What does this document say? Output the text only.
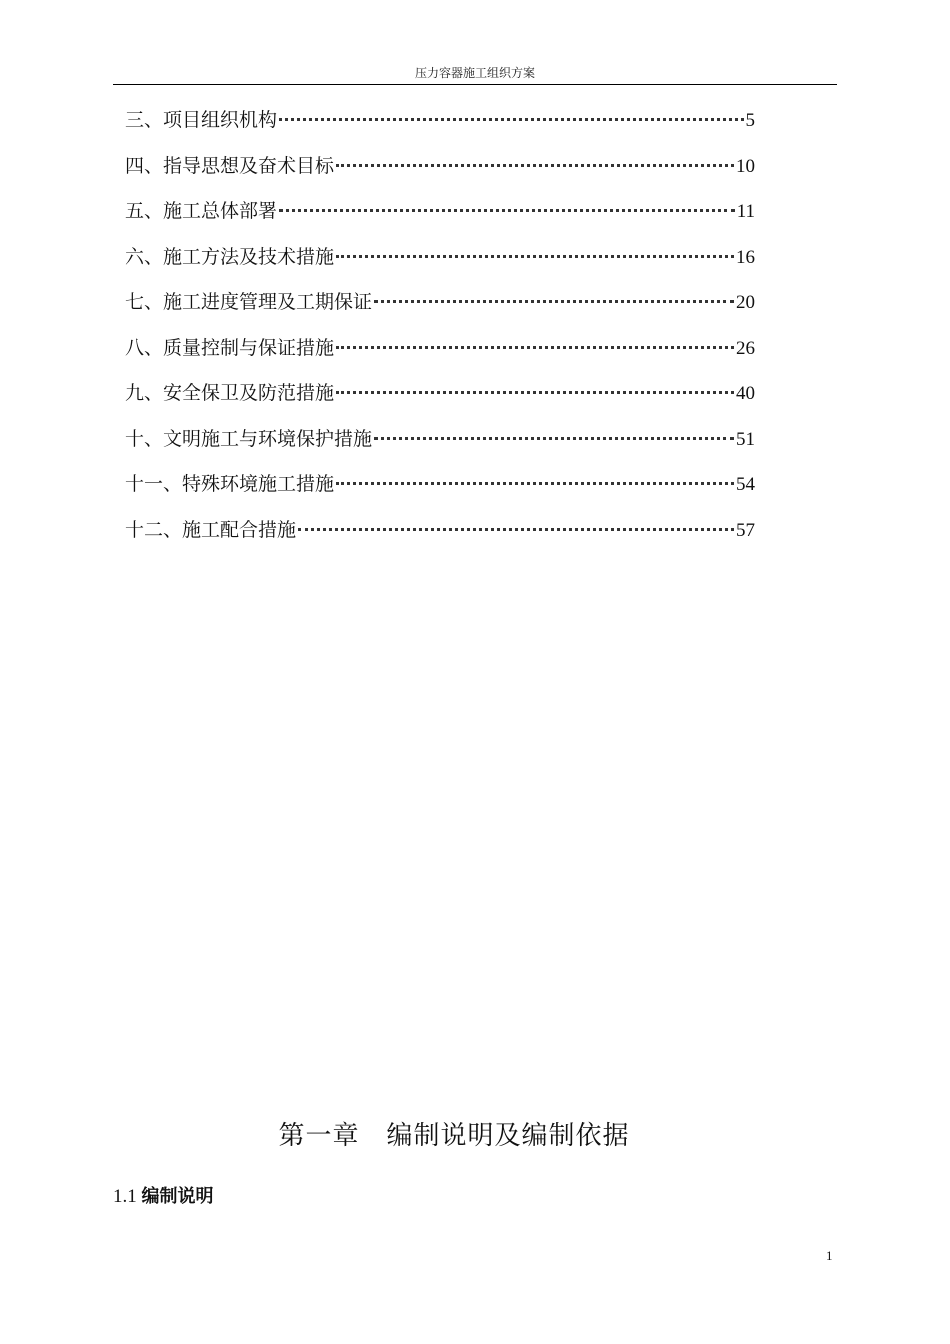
压力容器施工组织方案
三、项目组织机构	5
四、指导思想及奋术目标	10
五、施工总体部署	11
六、施工方法及技术措施	16
七、施工进度管理及工期保证	20
八、质量控制与保证措施	26
九、安全保卫及防范措施	40
十、文明施工与环境保护措施	51
十一、特殊环境施工措施	54
十二、施工配合措施	57
第一章　编制说明及编制依据
1.1 编制说明
1
